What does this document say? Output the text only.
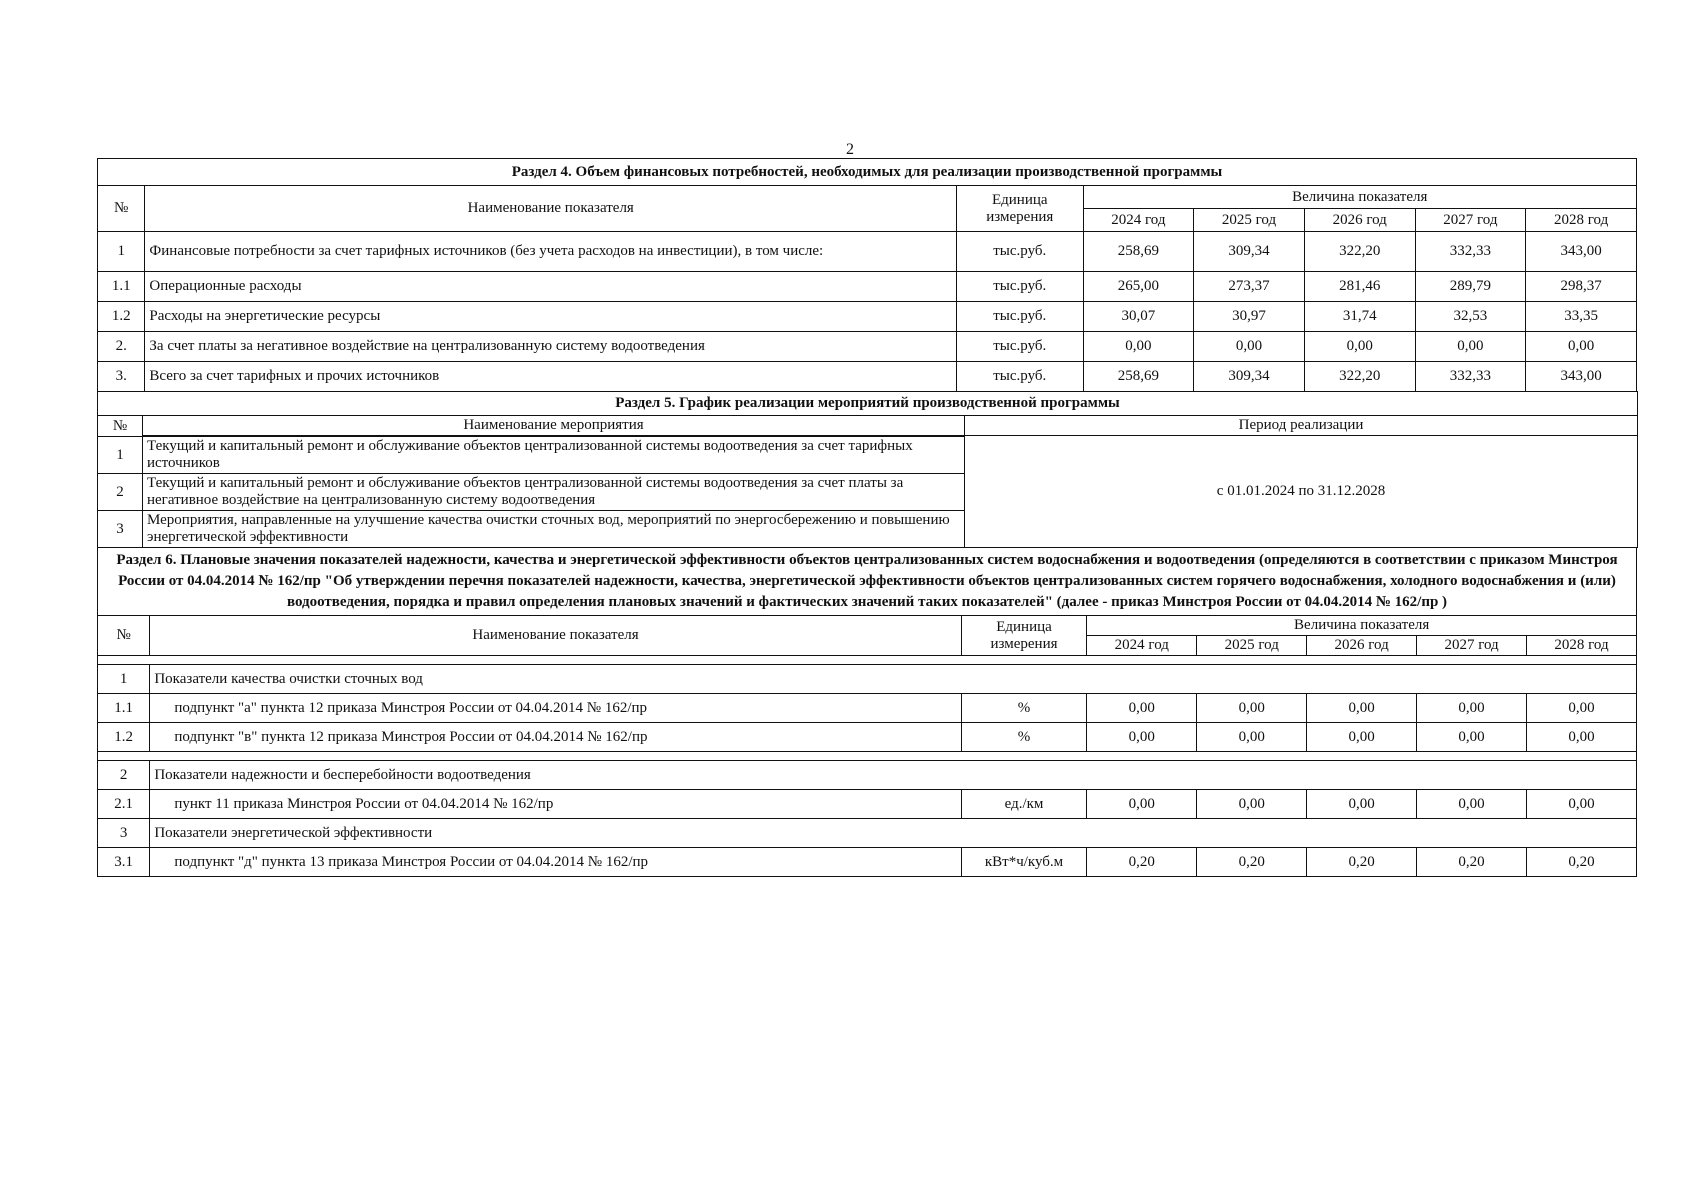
2
Раздел 4. Объем финансовых потребностей, необходимых для реализации производственной программы							
№	Наименование показателя	Единица измерения	Величина показателя				
			2024 год	2025 год	2026 год	2027 год	2028 год
1	Финансовые потребности за счет тарифных источников (без учета расходов на инвестиции), в том числе:	тыс.руб.	258,69	309,34	322,20	332,33	343,00
1.1	Операционные расходы	тыс.руб.	265,00	273,37	281,46	289,79	298,37
1.2	Расходы на энергетические ресурсы	тыс.руб.	30,07	30,97	31,74	32,53	33,35
2.	За счет платы за негативное воздействие на централизованную систему водоотведения	тыс.руб.	0,00	0,00	0,00	0,00	0,00
3.	Всего за счет тарифных и прочих источников	тыс.руб.	258,69	309,34	322,20	332,33	343,00
Раздел 5. График реализации мероприятий производственной программы		
№	Наименование мероприятия	Период реализации
		с 01.01.2024 по 31.12.2028
1	Текущий и капитальный ремонт и обслуживание объектов централизованной системы водоотведения за счет тарифных источников	
2	Текущий и капитальный ремонт и обслуживание объектов централизованной системы водоотведения за счет платы за негативное воздействие на централизованную систему водоотведения	
3	Мероприятия, направленные на улучшение качества очистки сточных вод, мероприятий по энергосбережению и повышению энергетической эффективности	
Раздел 6. Плановые значения показателей надежности, качества и энергетической эффективности объектов централизованных систем водоснабжения и водоотведения (определяются в соответствии с приказом Минстроя России от 04.04.2014 № 162/пр "Об утверждении перечня показателей надежности, качества, энергетической эффективности объектов централизованных систем горячего водоснабжения, холодного водоснабжения и (или) водоотведения, порядка и правил определения плановых значений и фактических значений таких показателей" (далее - приказ Минстроя России от 04.04.2014 № 162/пр )							
№	Наименование показателя	Единица измерения	Величина показателя				
			2024 год	2025 год	2026 год	2027 год	2028 год

1	Показатели качества очистки сточных вод						
1.1	подпункт "а" пункта 12 приказа Минстроя России от 04.04.2014 № 162/пр	%	0,00	0,00	0,00	0,00	0,00
1.2	подпункт "в" пункта 12 приказа Минстроя России от 04.04.2014 № 162/пр	%	0,00	0,00	0,00	0,00	0,00

2	Показатели надежности и бесперебойности водоотведения						
2.1	пункт 11 приказа Минстроя России от 04.04.2014 № 162/пр	ед./км	0,00	0,00	0,00	0,00	0,00
3	Показатели энергетической эффективности						
3.1	подпункт "д" пункта 13 приказа Минстроя России от 04.04.2014 № 162/пр	кВт*ч/куб.м	0,20	0,20	0,20	0,20	0,20
